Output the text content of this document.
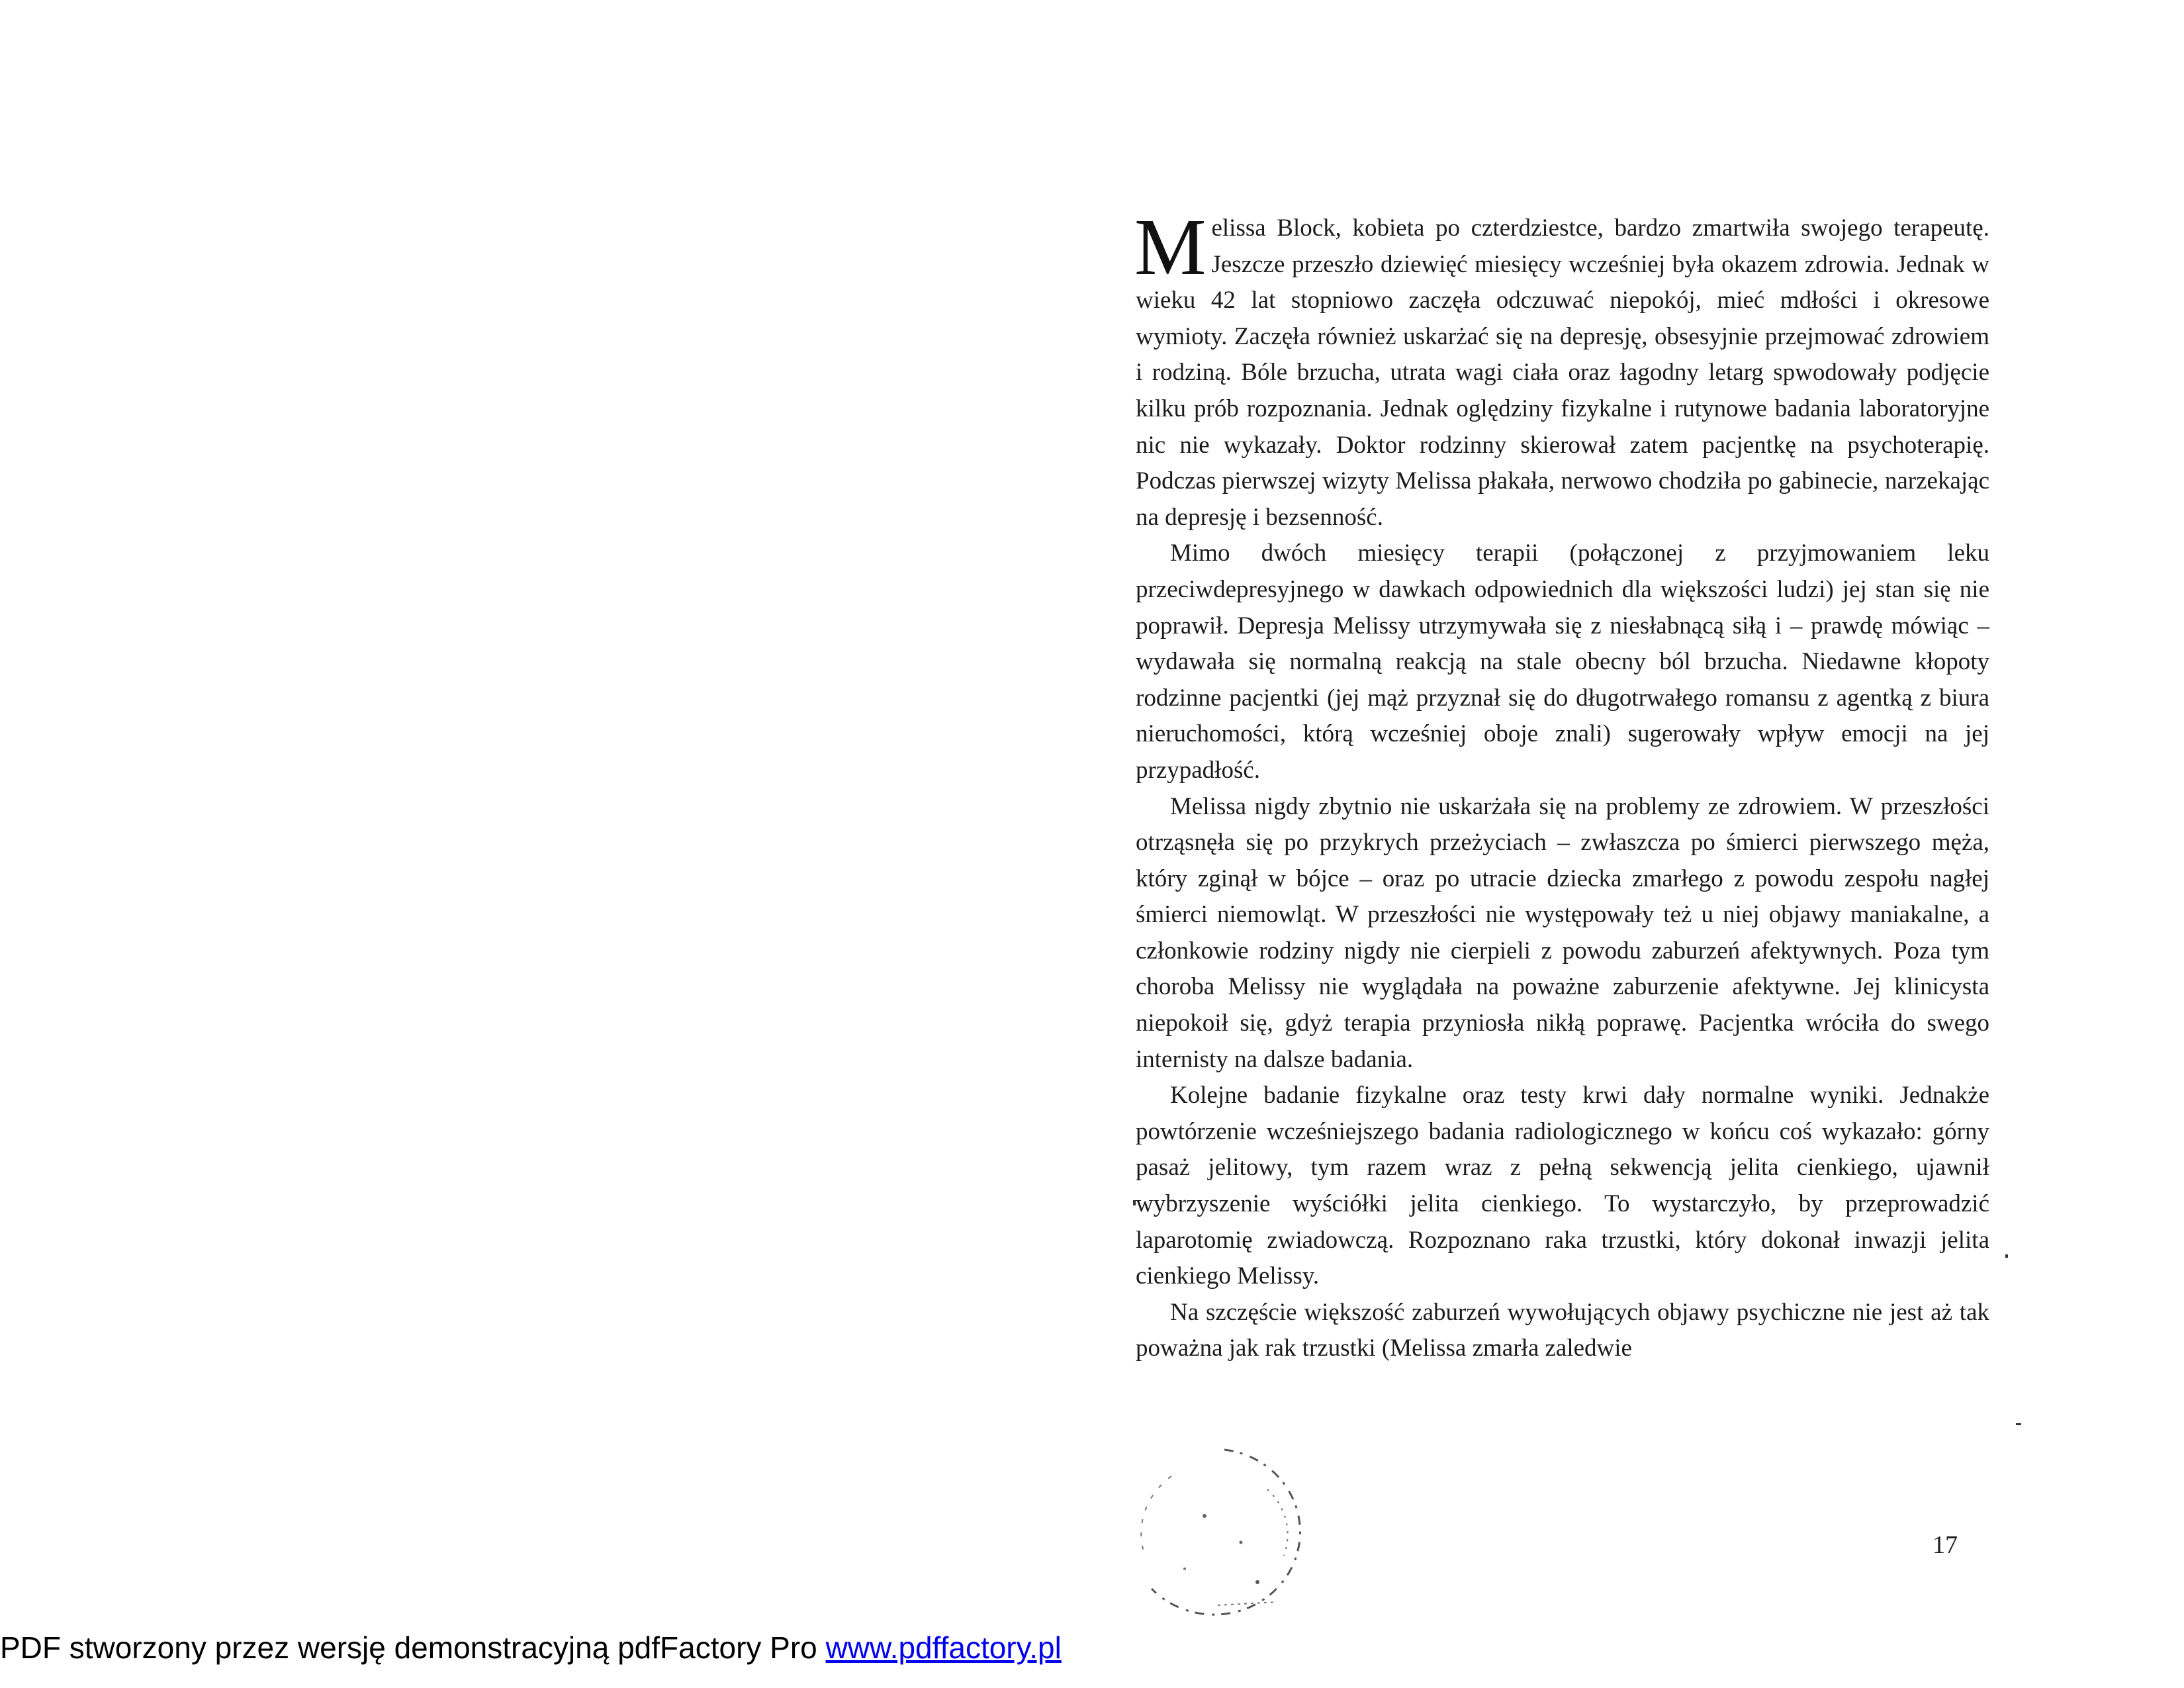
Melissa Block, kobieta po czterdziestce, bardzo zmartwiła swojego terapeutę. Jeszcze przeszło dziewięć miesięcy wcześniej była okazem zdrowia. Jednak w wieku 42 lat stopniowo zaczęła odczuwać niepokój, mieć mdłości i okresowe wymioty. Zaczęła również uskarżać się na depresję, obsesyjnie przejmować zdrowiem i rodziną. Bóle brzucha, utrata wagi ciała oraz łagodny letarg spwodowały podjęcie kilku prób rozpoznania. Jednak oględziny fizykalne i rutynowe badania laboratoryjne nic nie wykazały. Doktor rodzinny skierował zatem pacjentkę na psychoterapię. Podczas pierwszej wizyty Melissa płakała, nerwowo chodziła po gabinecie, narzekając na depresję i bezsenność.

Mimo dwóch miesięcy terapii (połączonej z przyjmowaniem leku przeciwdepresyjnego w dawkach odpowiednich dla większości ludzi) jej stan się nie poprawił. Depresja Melissy utrzymywała się z niesłabnącą siłą i – prawdę mówiąc – wydawała się normalną reakcją na stale obecny ból brzucha. Niedawne kłopoty rodzinne pacjentki (jej mąż przyznał się do długotrwałego romansu z agentką z biura nieruchomości, którą wcześniej oboje znali) sugerowały wpływ emocji na jej przypadłość.

Melissa nigdy zbytnio nie uskarżała się na problemy ze zdrowiem. W przeszłości otrząsnęła się po przykrych przeżyciach – zwłaszcza po śmierci pierwszego męża, który zginął w bójce – oraz po utracie dziecka zmarłego z powodu zespołu nagłej śmierci niemowląt. W przeszłości nie występowały też u niej objawy maniakalne, a członkowie rodziny nigdy nie cierpieli z powodu zaburzeń afektywnych. Poza tym choroba Melissy nie wyglądała na poważne zaburzenie afektywne. Jej klinicysta niepokoił się, gdyż terapia przyniosła nikłą poprawę. Pacjentka wróciła do swego internisty na dalsze badania.

Kolejne badanie fizykalne oraz testy krwi dały normalne wyniki. Jednakże powtórzenie wcześniejszego badania radiologicznego w końcu coś wykazało: górny pasaż jelitowy, tym razem wraz z pełną sekwencją jelita cienkiego, ujawnił wybrzyszenie wyściółki jelita cienkiego. To wystarczyło, by przeprowadzić laparotomię zwiadowczą. Rozpoznano raka trzustki, który dokonał inwazji jelita cienkiego Melissy.

Na szczęście większość zaburzeń wywołujących objawy psychiczne nie jest aż tak poważna jak rak trzustki (Melissa zmarła zaledwie

17
PDF stworzony przez wersję demonstracyjną pdfFactory Pro www.pdffactory.pl
